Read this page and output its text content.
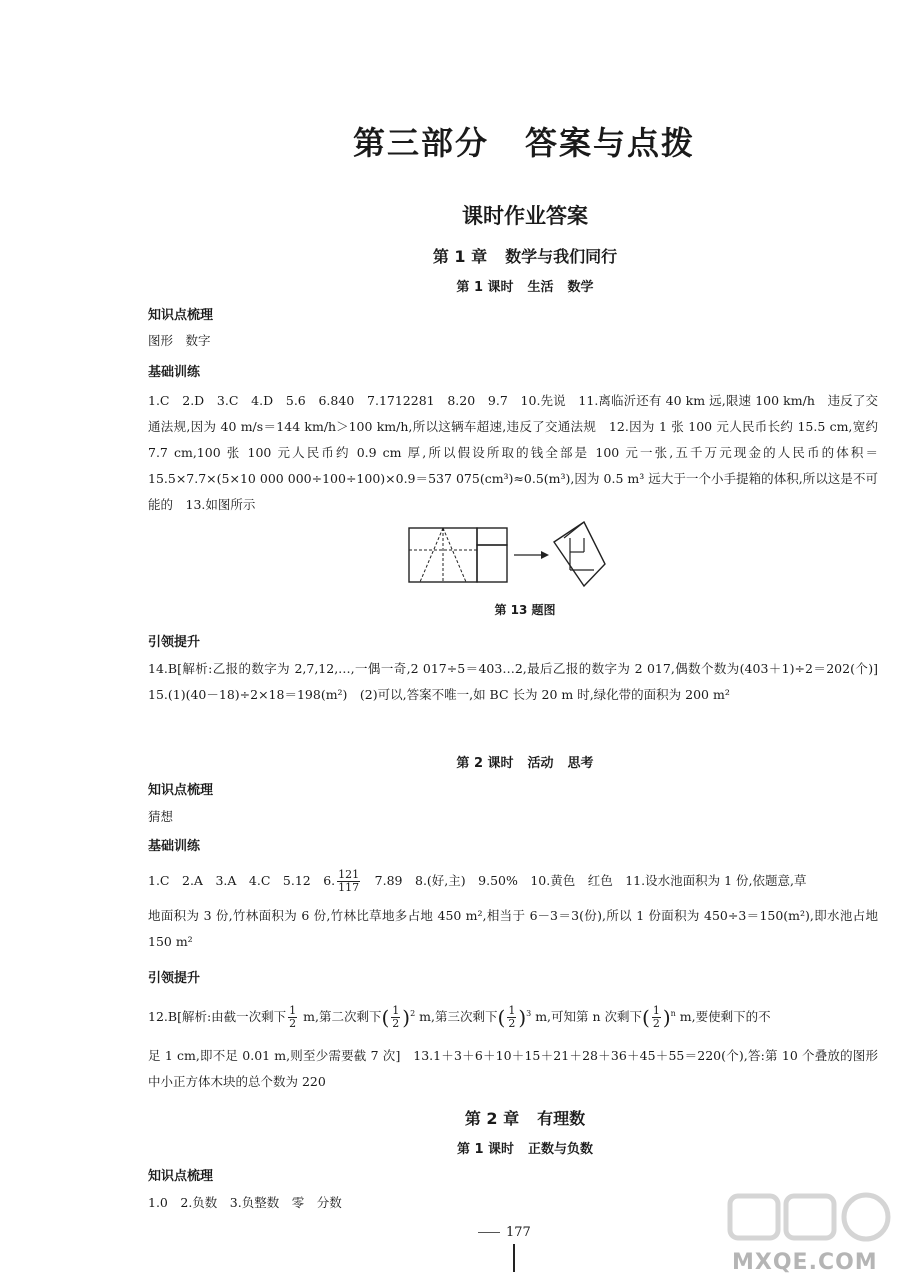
第三部分 答案与点拨
课时作业答案
第 1 章 数学与我们同行
第 1 课时 生活 数学
知识点梳理
图形　数字
基础训练
1.C　2.D　3.C　4.D　5.6　6.840　7.1712281　8.20　9.7　10.先说　11.离临沂还有 40 km 远,限速 100 km/h　违反了交通法规,因为 40 m/s＝144 km/h＞100 km/h,所以这辆车超速,违反了交通法规　12.因为 1 张 100 元人民币长约 15.5 cm,宽约7.7 cm,100 张 100 元人民币约 0.9 cm 厚,所以假设所取的钱全部是 100 元一张,五千万元现金的人民币的体积＝15.5×7.7×(5×10 000 000÷100÷100)×0.9＝537 075(cm³)≈0.5(m³),因为 0.5 m³ 远大于一个小手提箱的体积,所以这是不可能的　13.如图所示
第 13 题图
引领提升
14.B[解析:乙报的数字为 2,7,12,…,一偶一奇,2 017÷5＝403…2,最后乙报的数字为 2 017,偶数个数为(403＋1)÷2＝202(个)]　15.(1)(40－18)÷2×18＝198(m²)　(2)可以,答案不唯一,如 BC 长为 20 m 时,绿化带的面积为 200 m²
第 2 课时 活动 思考
知识点梳理
猜想
基础训练
1.C　2.A　3.A　4.C　5.12　6. $\frac{121}{117}$ 　7.89　8.(好,主)　9.50%　10.黄色　红色　11.设水池面积为 1 份,依题意,草
地面积为 3 份,竹林面积为 6 份,竹林比草地多占地 450 m²,相当于 6－3＝3(份),所以 1 份面积为 450÷3＝150(m²),即水池占地 150 m²
引领提升
12.B[解析:由截一次剩下 $\frac{1}{2} m$,第二次剩下( $\frac{1}{2} )^2$ m,第三次剩下( $\frac{1}{2} )^3$ m,可知第 n 次剩下( $\frac{1}{2} )^n$ m,要使剩下的不
足 1 cm,即不足 0.01 m,则至少需要截 7 次]　13.1＋3＋6＋10＋15＋21＋28＋36＋45＋55＝220(个),答:第 10 个叠放的图形中小正方体木块的总个数为 220
第 2 章 有理数
第 1 课时 正数与负数
知识点梳理
1.0　2.负数　3.负整数　零　分数
177
MXQE.COM
